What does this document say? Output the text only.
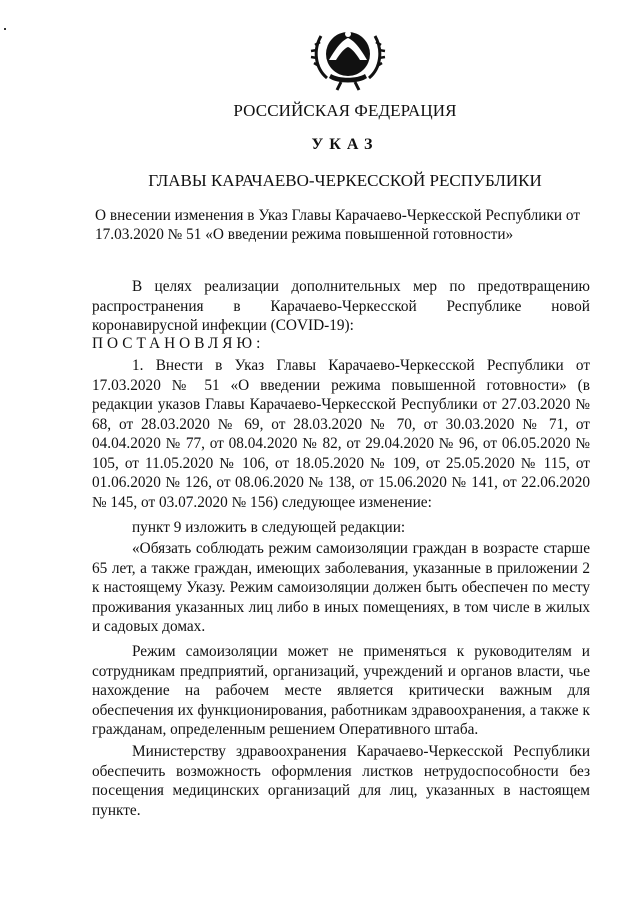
РОССИЙСКАЯ ФЕДЕРАЦИЯ
УКАЗ
ГЛАВЫ КАРАЧАЕВО-ЧЕРКЕССКОЙ РЕСПУБЛИКИ

О внесении изменения в Указ Главы Карачаево-Черкесской Республики от

17.03.2020 № 51 «О введении режима повышенной готовности»

В целях реализации дополнительных мер по предотвращению распространения в Карачаево-Черкесской Республике новой коронавирусной инфекции (COVID-19):
ПОСТАНОВЛЯЮ:
1. Внести в Указ Главы Карачаево-Черкесской Республики от 17.03.2020 № 51 «О введении режима повышенной готовности» (в редакции указов Главы Карачаево-Черкесской Республики от 27.03.2020 № 68, от 28.03.2020 № 69, от 28.03.2020 № 70, от 30.03.2020 № 71, от 04.04.2020 № 77, от 08.04.2020 № 82, от 29.04.2020 № 96, от 06.05.2020 № 105, от 11.05.2020 № 106, от 18.05.2020 № 109, от 25.05.2020 № 115, от 01.06.2020 № 126, от 08.06.2020 № 138, от 15.06.2020 № 141, от 22.06.2020 № 145, от 03.07.2020 № 156) следующее изменение:
пункт 9 изложить в следующей редакции:
«Обязать соблюдать режим самоизоляции граждан в возрасте старше 65 лет, а также граждан, имеющих заболевания, указанные в приложении 2 к настоящему Указу. Режим самоизоляции должен быть обеспечен по месту проживания указанных лиц либо в иных помещениях, в том числе в жилых и садовых домах.
Режим самоизоляции может не применяться к руководителям и сотрудникам предприятий, организаций, учреждений и органов власти, чье нахождение на рабочем месте является критически важным для обеспечения их функционирования, работникам здравоохранения, а также к гражданам, определенным решением Оперативного штаба.
Министерству здравоохранения Карачаево-Черкесской Республики обеспечить возможность оформления листков нетрудоспособности без посещения медицинских организаций для лиц, указанных в настоящем пункте.
